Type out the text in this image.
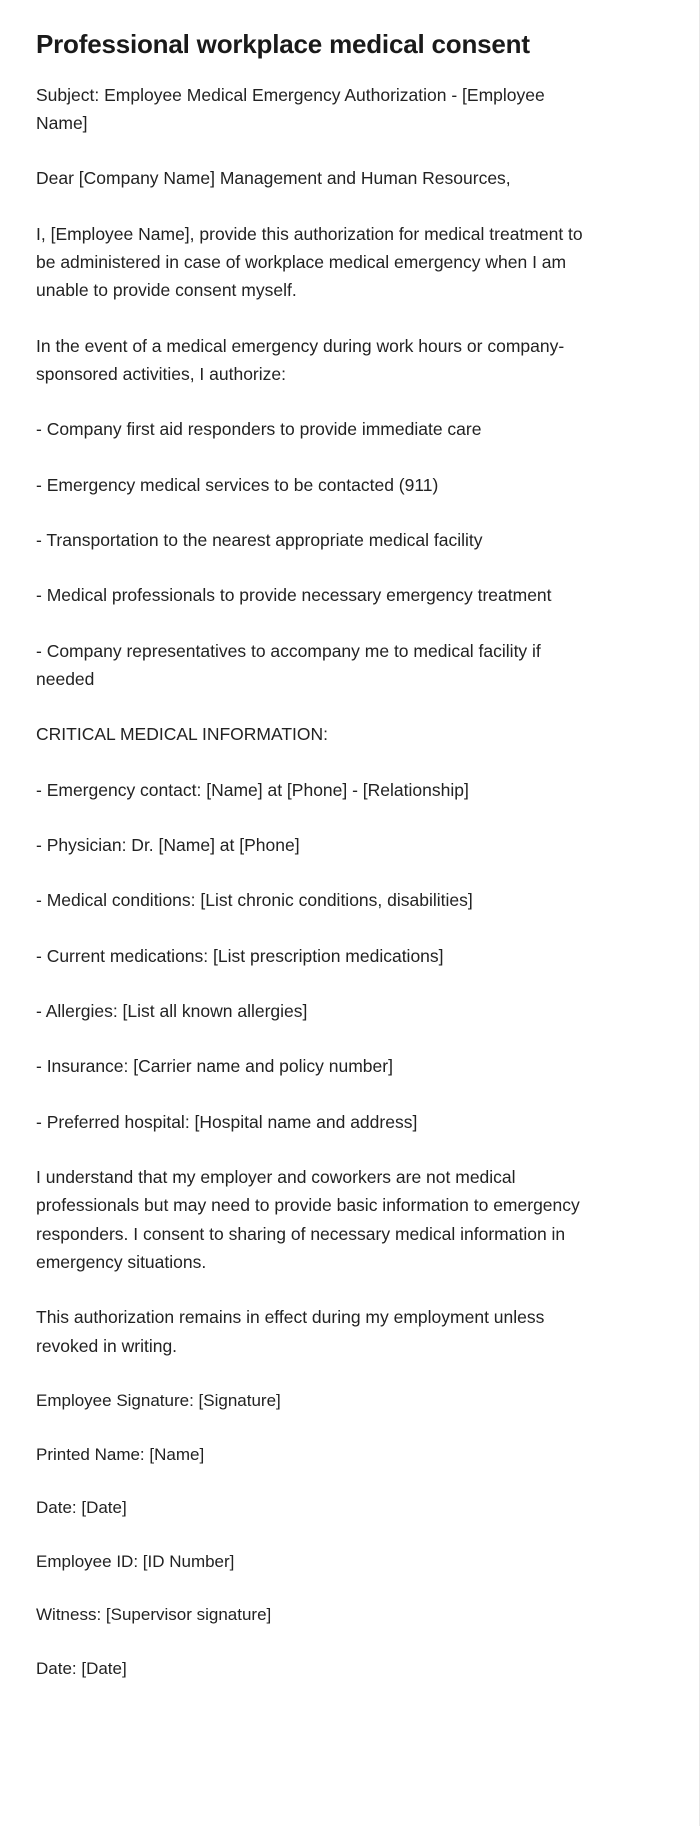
Professional workplace medical consent

Subject: Employee Medical Emergency Authorization - [Employee Name]

Dear [Company Name] Management and Human Resources,

I, [Employee Name], provide this authorization for medical treatment to be administered in case of workplace medical emergency when I am unable to provide consent myself.

In the event of a medical emergency during work hours or company-sponsored activities, I authorize:

- Company first aid responders to provide immediate care

- Emergency medical services to be contacted (911)

- Transportation to the nearest appropriate medical facility

- Medical professionals to provide necessary emergency treatment

- Company representatives to accompany me to medical facility if needed

CRITICAL MEDICAL INFORMATION:

- Emergency contact: [Name] at [Phone] - [Relationship]

- Physician: Dr. [Name] at [Phone]

- Medical conditions: [List chronic conditions, disabilities]

- Current medications: [List prescription medications]

- Allergies: [List all known allergies]

- Insurance: [Carrier name and policy number]

- Preferred hospital: [Hospital name and address]

I understand that my employer and coworkers are not medical professionals but may need to provide basic information to emergency responders. I consent to sharing of necessary medical information in emergency situations.

This authorization remains in effect during my employment unless revoked in writing.

Employee Signature: [Signature]

Printed Name: [Name]

Date: [Date]

Employee ID: [ID Number]

Witness: [Supervisor signature]

Date: [Date]
